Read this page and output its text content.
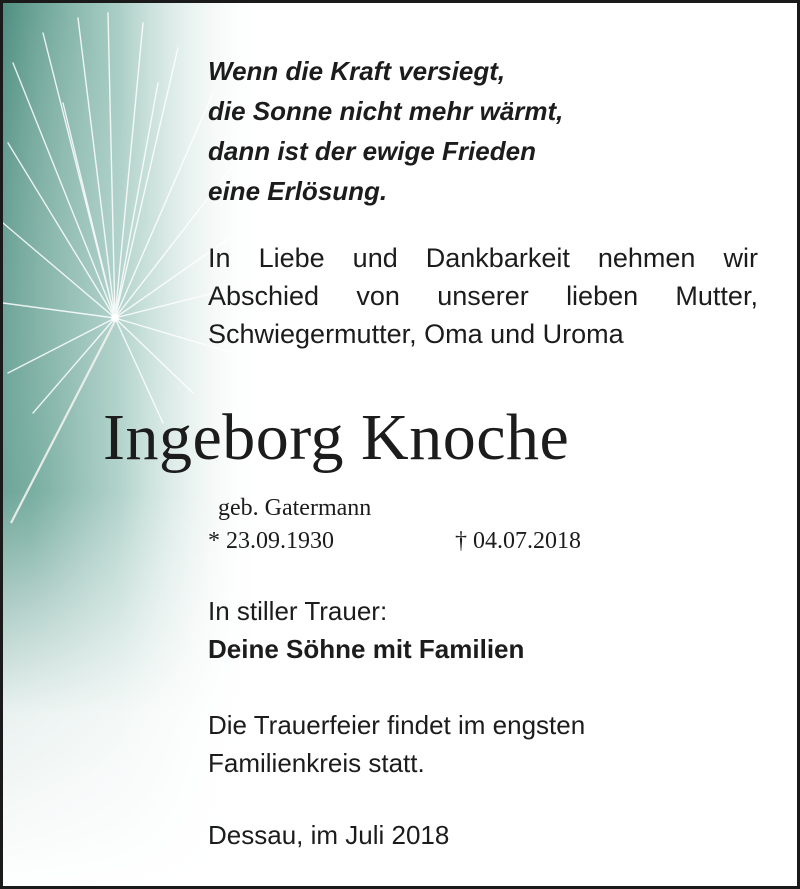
Wenn die Kraft versiegt,
die Sonne nicht mehr wärmt,
dann ist der ewige Frieden
eine Erlösung.
In Liebe und Dankbarkeit nehmen wir
Abschied von unserer lieben Mutter,
Schwiegermutter, Oma und Uroma
Ingeborg Knoche
geb. Gatermann
* 23.09.1930	† 04.07.2018
In stiller Trauer:
Deine Söhne mit Familien
Die Trauerfeier findet im engsten
Familienkreis statt.
Dessau, im Juli 2018
